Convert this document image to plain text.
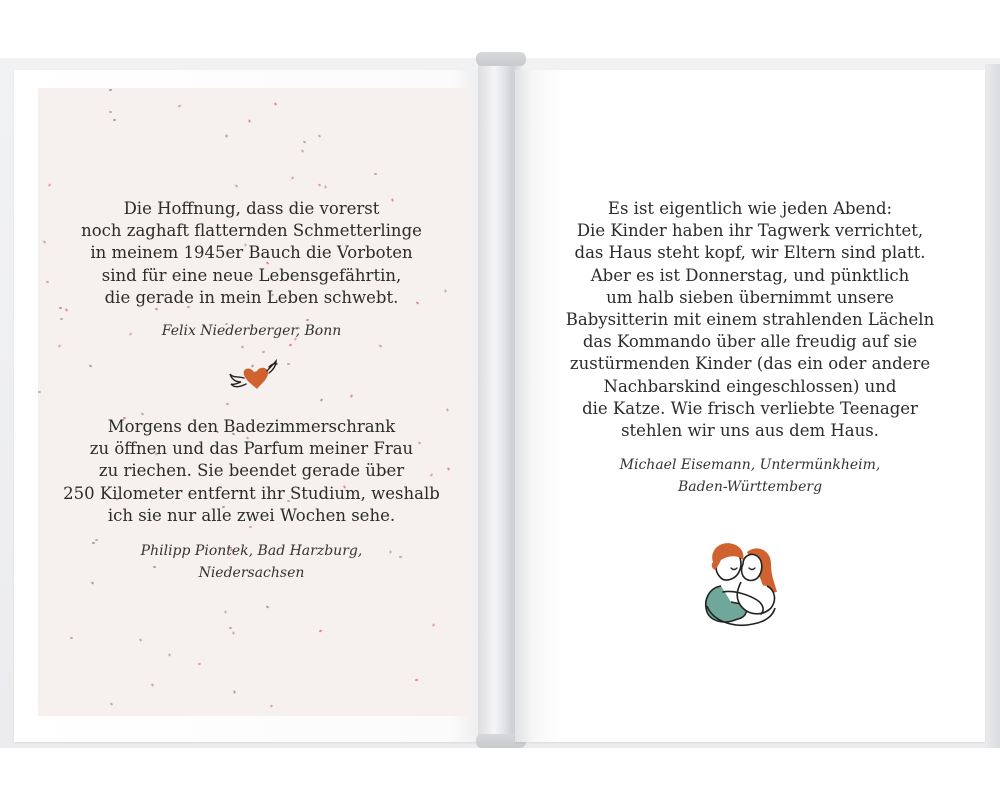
Die Hoffnung, dass die vorerst
noch zaghaft flatternden Schmetterlinge
in meinem 1945er Bauch die Vorboten
sind für eine neue Lebensgefährtin,
die gerade in mein Leben schwebt.
Felix Niederberger, Bonn
Morgens den Badezimmerschrank
zu öffnen und das Parfum meiner Frau
zu riechen. Sie beendet gerade über
250 Kilometer entfernt ihr Studium, weshalb
ich sie nur alle zwei Wochen sehe.
Philipp Piontek, Bad Harzburg,
Niedersachsen
Es ist eigentlich wie jeden Abend:
Die Kinder haben ihr Tagwerk verrichtet,
das Haus steht kopf, wir Eltern sind platt.
Aber es ist Donnerstag, und pünktlich
um halb sieben übernimmt unsere
Babysitterin mit einem strahlenden Lächeln
das Kommando über alle freudig auf sie
zustürmenden Kinder (das ein oder andere
Nachbarskind eingeschlossen) und
die Katze. Wie frisch verliebte Teenager
stehlen wir uns aus dem Haus.
Michael Eisemann, Untermünkheim,
Baden-Württemberg
